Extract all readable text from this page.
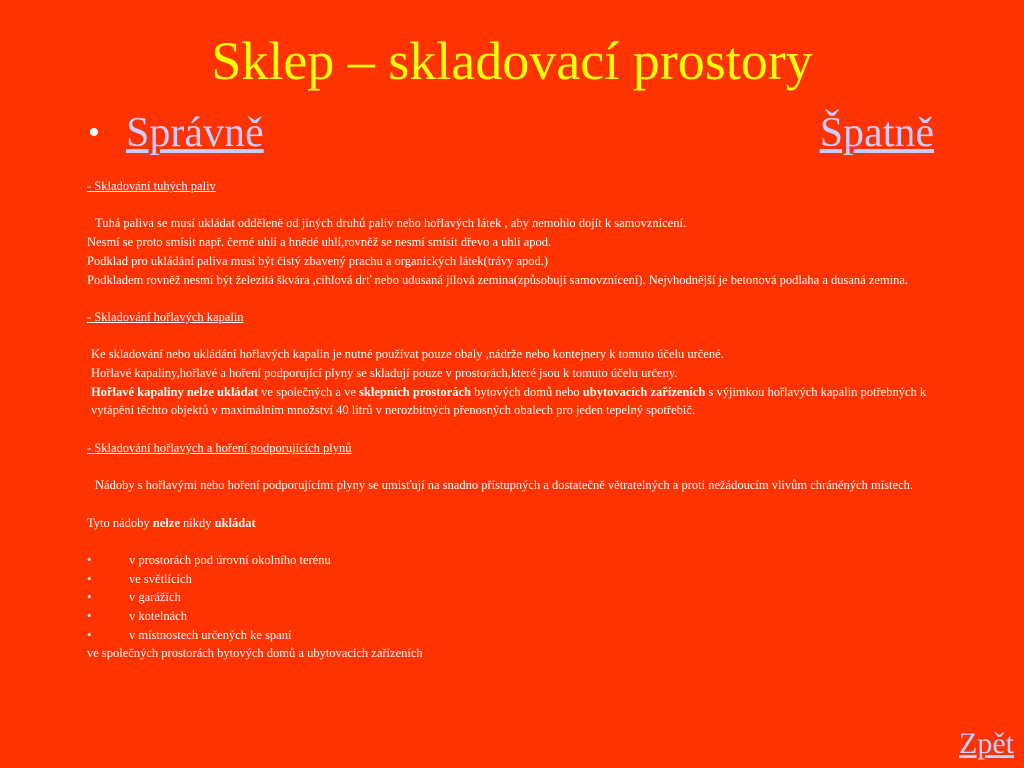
Sklep – skladovací prostory
• Správně	Špatně

- Skladování tuhých paliv

Tuhá paliva se musí ukládat odděleně od jiných druhů paliv nebo hořlavých látek , aby nemohlo dojít k samovznícení.

Nesmí se proto smísit např. černé uhlí a hnědé uhlí,rovněž se nesmí smísit dřevo a uhlí apod.

Podklad pro ukládání paliva musí být čistý zbavený prachu a organických látek(trávy apod.)

Podkladem rovněž nesmí být železitá škvára ,cihlová drť nebo udusaná jílová zemina(způsobují samovznícení). Nejvhodnější je betonová podlaha a dusaná zemina.

- Skladování hořlavých kapalin

Ke skladování nebo ukládání hořlavých kapalin je nutné používat pouze obaly ,nádrže nebo kontejnery k tomuto účelu určené.

Hořlavé kapaliny,hořlavé a hoření podporující plyny se skladují pouze v prostorách,které jsou k tomuto účelu určeny.

Hořlavé kapaliny nelze ukládat ve společných a ve sklepních prostorách bytových domů nebo ubytovacích zařízeních s výjimkou hořlavých kapalin potřebných k vytápění těchto objektů v maximálním množství 40 litrů v nerozbitných přenosných obalech pro jeden tepelný spotřebič.

- Skladování hořlavých a hoření podporujících plynů

Nádoby s hořlavými nebo hoření podporujícími plyny se umisťují na snadno přístupných a dostatečně větratelných a proti nežádoucím vlivům chráněných místech.

Tyto nádoby nelze nikdy ukládat

•	v prostorách pod úrovní okolního terénu
•	ve světlících
•	v garážích
•	v kotelnách
•	v místnostech určených ke spaní

ve společných prostorách bytových domů a ubytovacích zařízeních

Zpět
